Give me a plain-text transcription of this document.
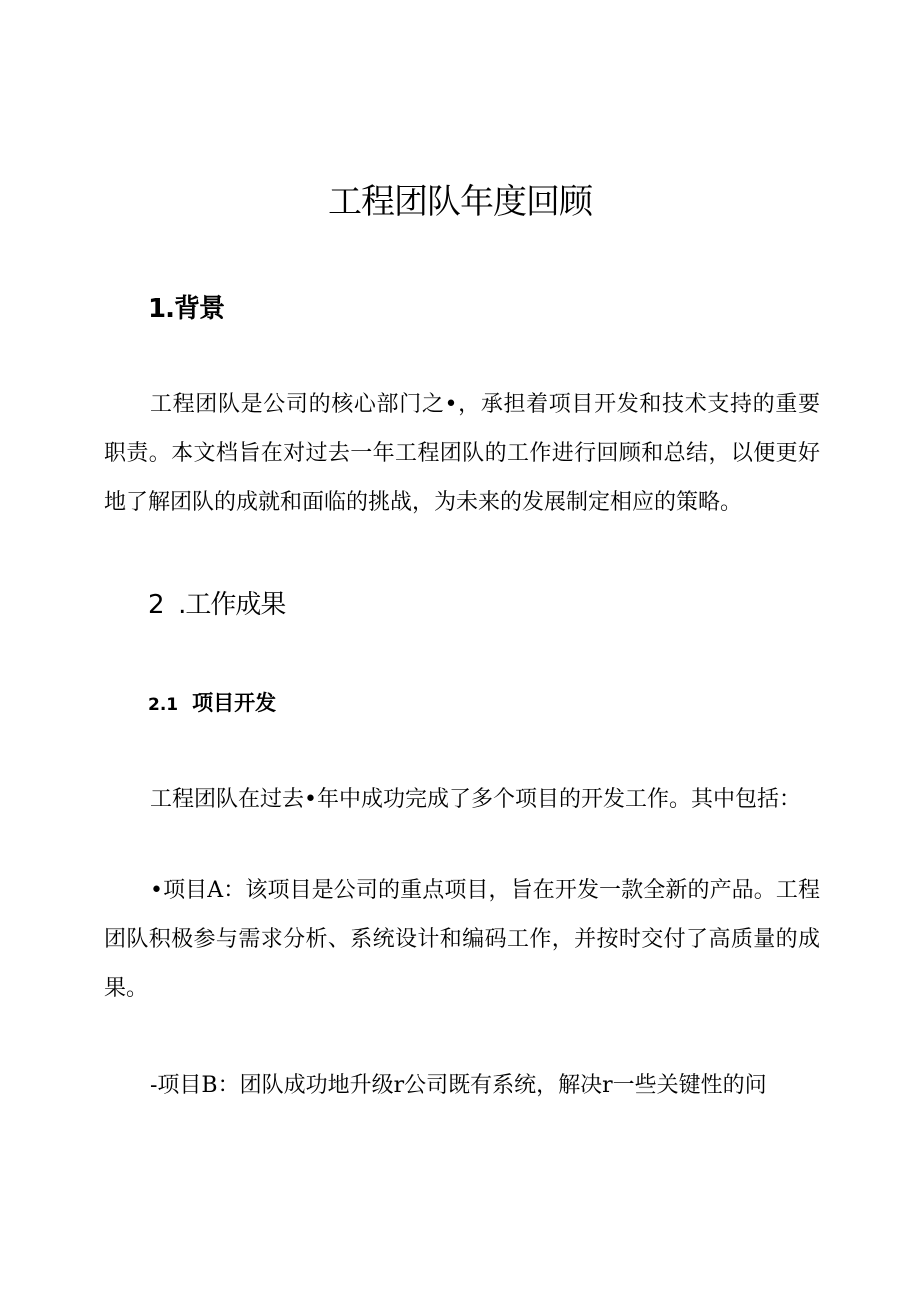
工程团队年度回顾
1.背景

工程团队是公司的核心部门之•，承担着项目开发和技术支持的重要职责。本文档旨在对过去一年工程团队的工作进行回顾和总结，以便更好地了解团队的成就和面临的挑战，为未来的发展制定相应的策略。

2  .工作成果
2.1 项目开发

工程团队在过去•年中成功完成了多个项目的开发工作。其中包括：

•项目A：该项目是公司的重点项目，旨在开发一款全新的产品。工程团队积极参与需求分析、系统设计和编码工作，并按时交付了高质量的成果。

-项目B：团队成功地升级r公司既有系统，解决r一些关键性的问
